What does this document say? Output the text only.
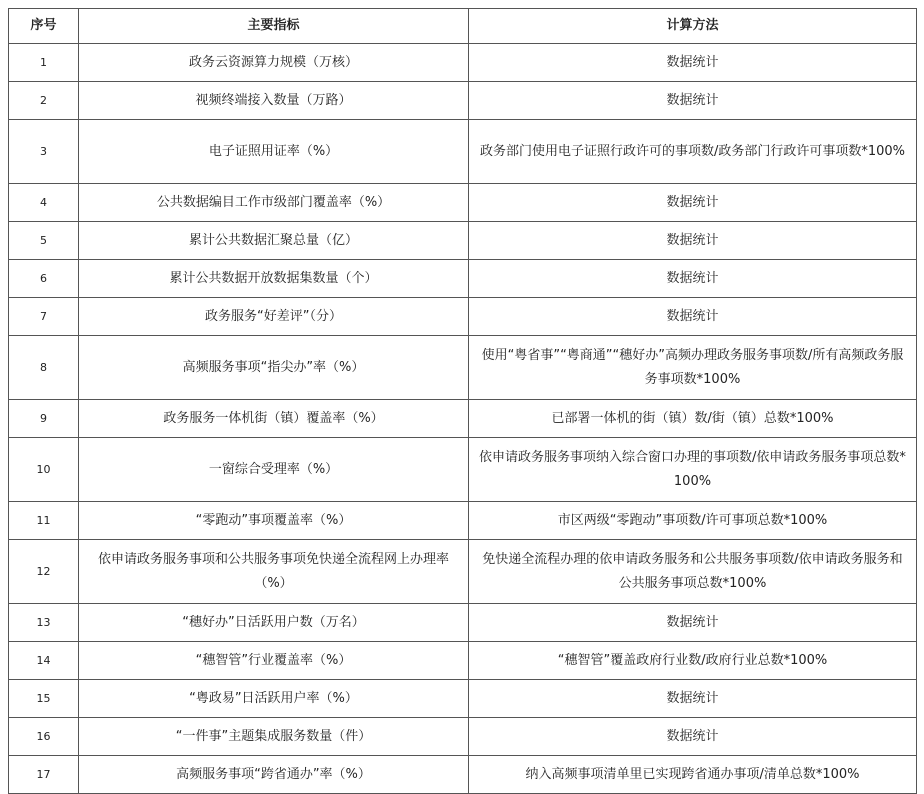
序号	主要指标	计算方法
1	政务云资源算力规模（万核）	数据统计
2	视频终端接入数量（万路）	数据统计
3	电子证照用证率（%）	政务部门使用电子证照行政许可的事项数/政务部门行政许可事项数*100%
4	公共数据编目工作市级部门覆盖率（%）	数据统计
5	累计公共数据汇聚总量（亿）	数据统计
6	累计公共数据开放数据集数量（个）	数据统计
7	政务服务“好差评”（分）	数据统计
8	高频服务事项“指尖办”率（%）	使用“粤省事”“粤商通”“穗好办”高频办理政务服务事项数/所有高频政务服务事项数*100%
9	政务服务一体机街（镇）覆盖率（%）	已部署一体机的街（镇）数/街（镇）总数*100%
10	一窗综合受理率（%）	依申请政务服务事项纳入综合窗口办理的事项数/依申请政务服务事项总数*100%
11	“零跑动”事项覆盖率（%）	市区两级“零跑动”事项数/许可事项总数*100%
12	依申请政务服务事项和公共服务事项免快递全流程网上办理率（%）	免快递全流程办理的依申请政务服务和公共服务事项数/依申请政务服务和公共服务事项总数*100%
13	“穗好办”日活跃用户数（万名）	数据统计
14	“穗智管”行业覆盖率（%）	“穗智管”覆盖政府行业数/政府行业总数*100%
15	“粤政易”日活跃用户率（%）	数据统计
16	“一件事”主题集成服务数量（件）	数据统计
17	高频服务事项“跨省通办”率（%）	纳入高频事项清单里已实现跨省通办事项/清单总数*100%
